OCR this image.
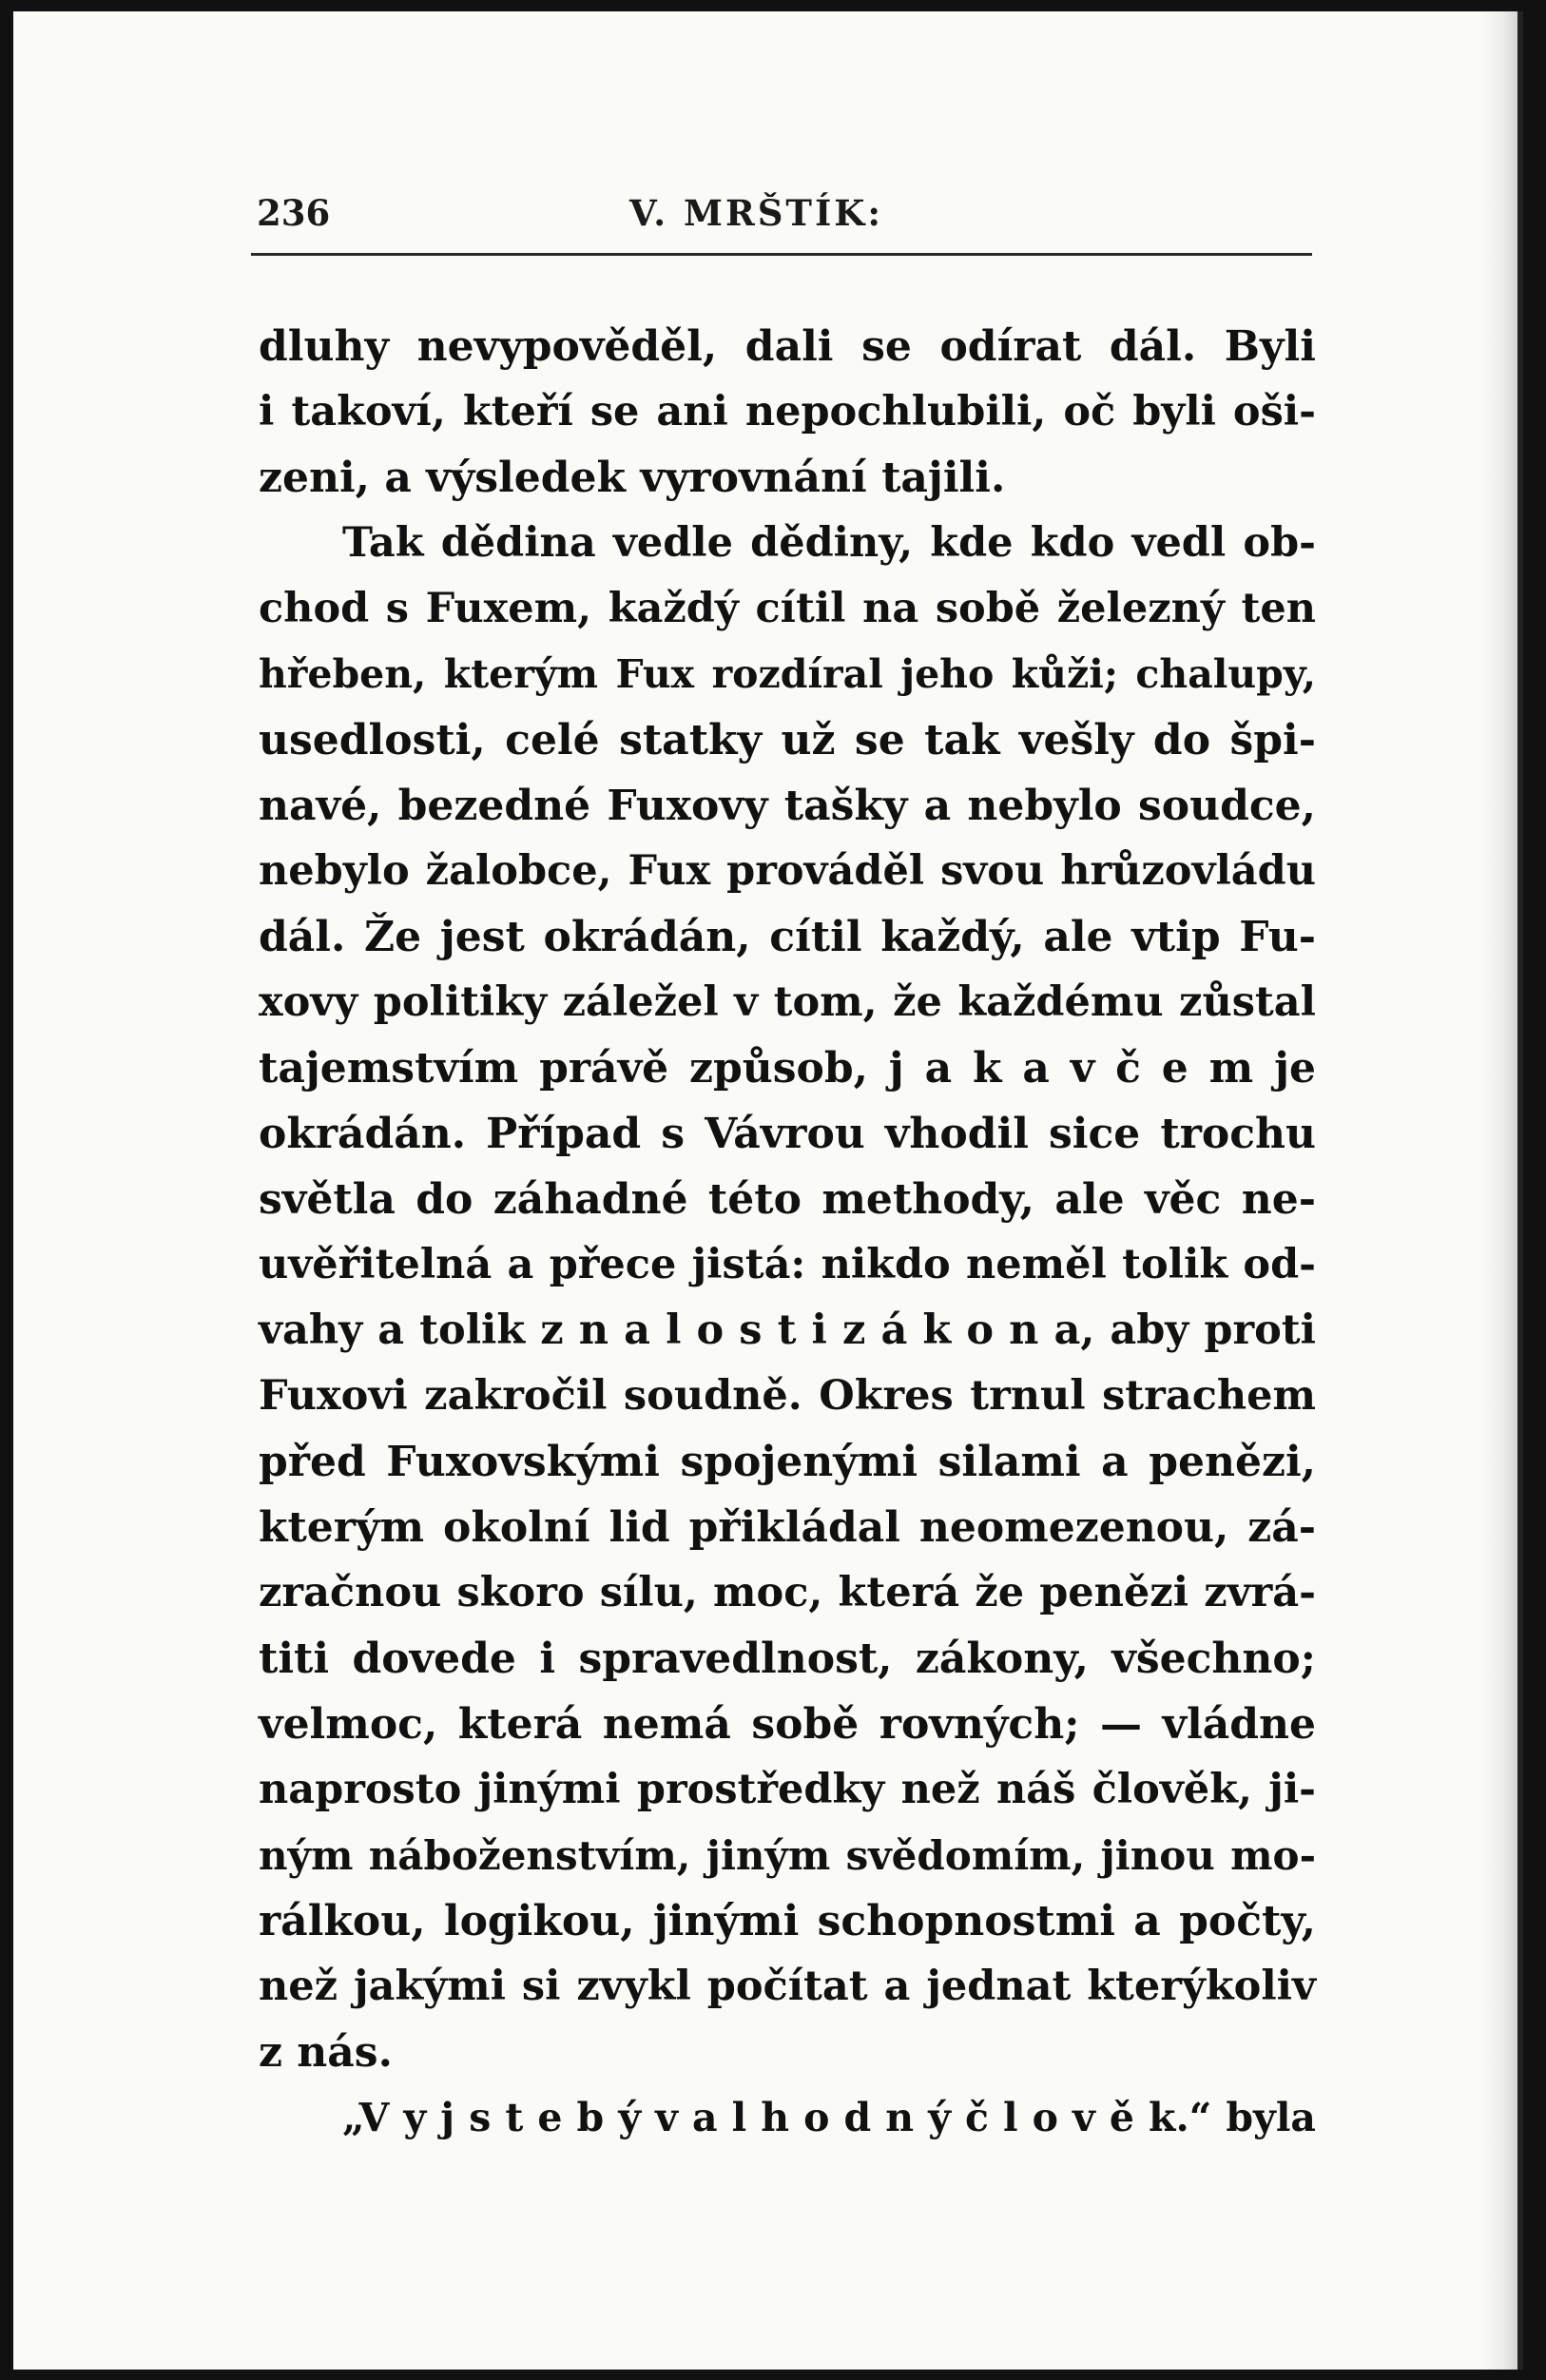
236	V. MRŠTÍK:
dluhy nevypověděl, dali se odírat dál. Byli
i takoví, kteří se ani nepochlubili, oč byli oši-
zeni, a výsledek vyrovnání tajili.
Tak dědina vedle dědiny, kde kdo vedl ob-
chod s Fuxem, každý cítil na sobě železný ten
hřeben, kterým Fux rozdíral jeho kůži; chalupy,
usedlosti, celé statky už se tak vešly do špi-
navé, bezedné Fuxovy tašky a nebylo soudce,
nebylo žalobce, Fux prováděl svou hrůzovládu
dál. Že jest okrádán, cítil každý, ale vtip Fu-
xovy politiky záležel v tom, že každému zůstal
tajemstvím právě způsob, j a k a v č e m je
okrádán. Případ s Vávrou vhodil sice trochu
světla do záhadné této methody, ale věc ne-
uvěřitelná a přece jistá: nikdo neměl tolik od-
vahy a tolik z n a l o s t i z á k o n a, aby proti
Fuxovi zakročil soudně. Okres trnul strachem
před Fuxovskými spojenými silami a penězi,
kterým okolní lid přikládal neomezenou, zá-
zračnou skoro sílu, moc, která že penězi zvrá-
titi dovede i spravedlnost, zákony, všechno;
velmoc, která nemá sobě rovných; — vládne
naprosto jinými prostředky než náš člověk, ji-
ným náboženstvím, jiným svědomím, jinou mo-
rálkou, logikou, jinými schopnostmi a počty,
než jakými si zvykl počítat a jednat kterýkoliv
z nás.
„V y j s t e b ý v a l h o d n ý č l o v ě k.“ byla
